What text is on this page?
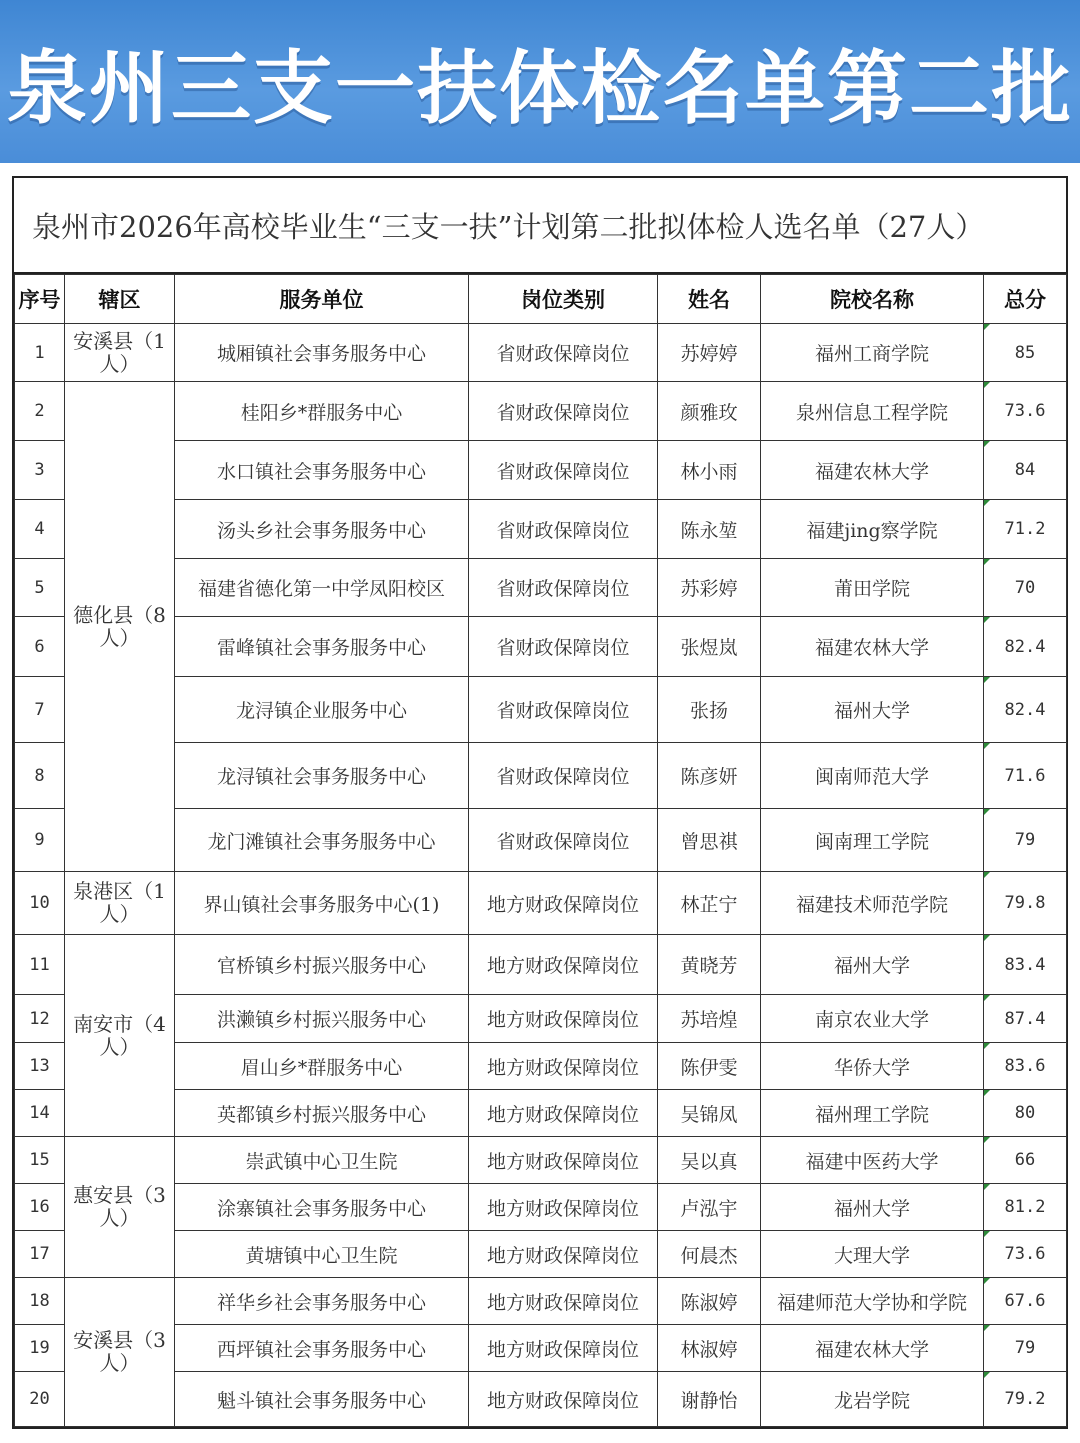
泉州三支一扶体检名单第二批
泉州市2026年高校毕业生“三支一扶”计划第二批拟体检人选名单（27人）
序号	辖区	服务单位	岗位类别	姓名	院校名称	总分
1	安溪县（1人）	城厢镇社会事务服务中心	省财政保障岗位	苏婷婷	福州工商学院	85
2	德化县（8人）	桂阳乡*群服务中心	省财政保障岗位	颜雅玫	泉州信息工程学院	73.6
3		水口镇社会事务服务中心	省财政保障岗位	林小雨	福建农林大学	84
4		汤头乡社会事务服务中心	省财政保障岗位	陈永堃	福建jing察学院	71.2
5		福建省德化第一中学凤阳校区	省财政保障岗位	苏彩婷	莆田学院	70
6		雷峰镇社会事务服务中心	省财政保障岗位	张煜岚	福建农林大学	82.4
7		龙浔镇企业服务中心	省财政保障岗位	张扬	福州大学	82.4
8		龙浔镇社会事务服务中心	省财政保障岗位	陈彦妍	闽南师范大学	71.6
9		龙门滩镇社会事务服务中心	省财政保障岗位	曾思祺	闽南理工学院	79
10	泉港区（1人）	界山镇社会事务服务中心(1)	地方财政保障岗位	林芷宁	福建技术师范学院	79.8
11	南安市（4人）	官桥镇乡村振兴服务中心	地方财政保障岗位	黄晓芳	福州大学	83.4
12		洪濑镇乡村振兴服务中心	地方财政保障岗位	苏培煌	南京农业大学	87.4
13		眉山乡*群服务中心	地方财政保障岗位	陈伊雯	华侨大学	83.6
14		英都镇乡村振兴服务中心	地方财政保障岗位	吴锦凤	福州理工学院	80
15	惠安县（3人）	崇武镇中心卫生院	地方财政保障岗位	吴以真	福建中医药大学	66
16		涂寨镇社会事务服务中心	地方财政保障岗位	卢泓宇	福州大学	81.2
17		黄塘镇中心卫生院	地方财政保障岗位	何晨杰	大理大学	73.6
18	安溪县（3人）	祥华乡社会事务服务中心	地方财政保障岗位	陈淑婷	福建师范大学协和学院	67.6
19		西坪镇社会事务服务中心	地方财政保障岗位	林淑婷	福建农林大学	79
20		魁斗镇社会事务服务中心	地方财政保障岗位	谢静怡	龙岩学院	79.2
